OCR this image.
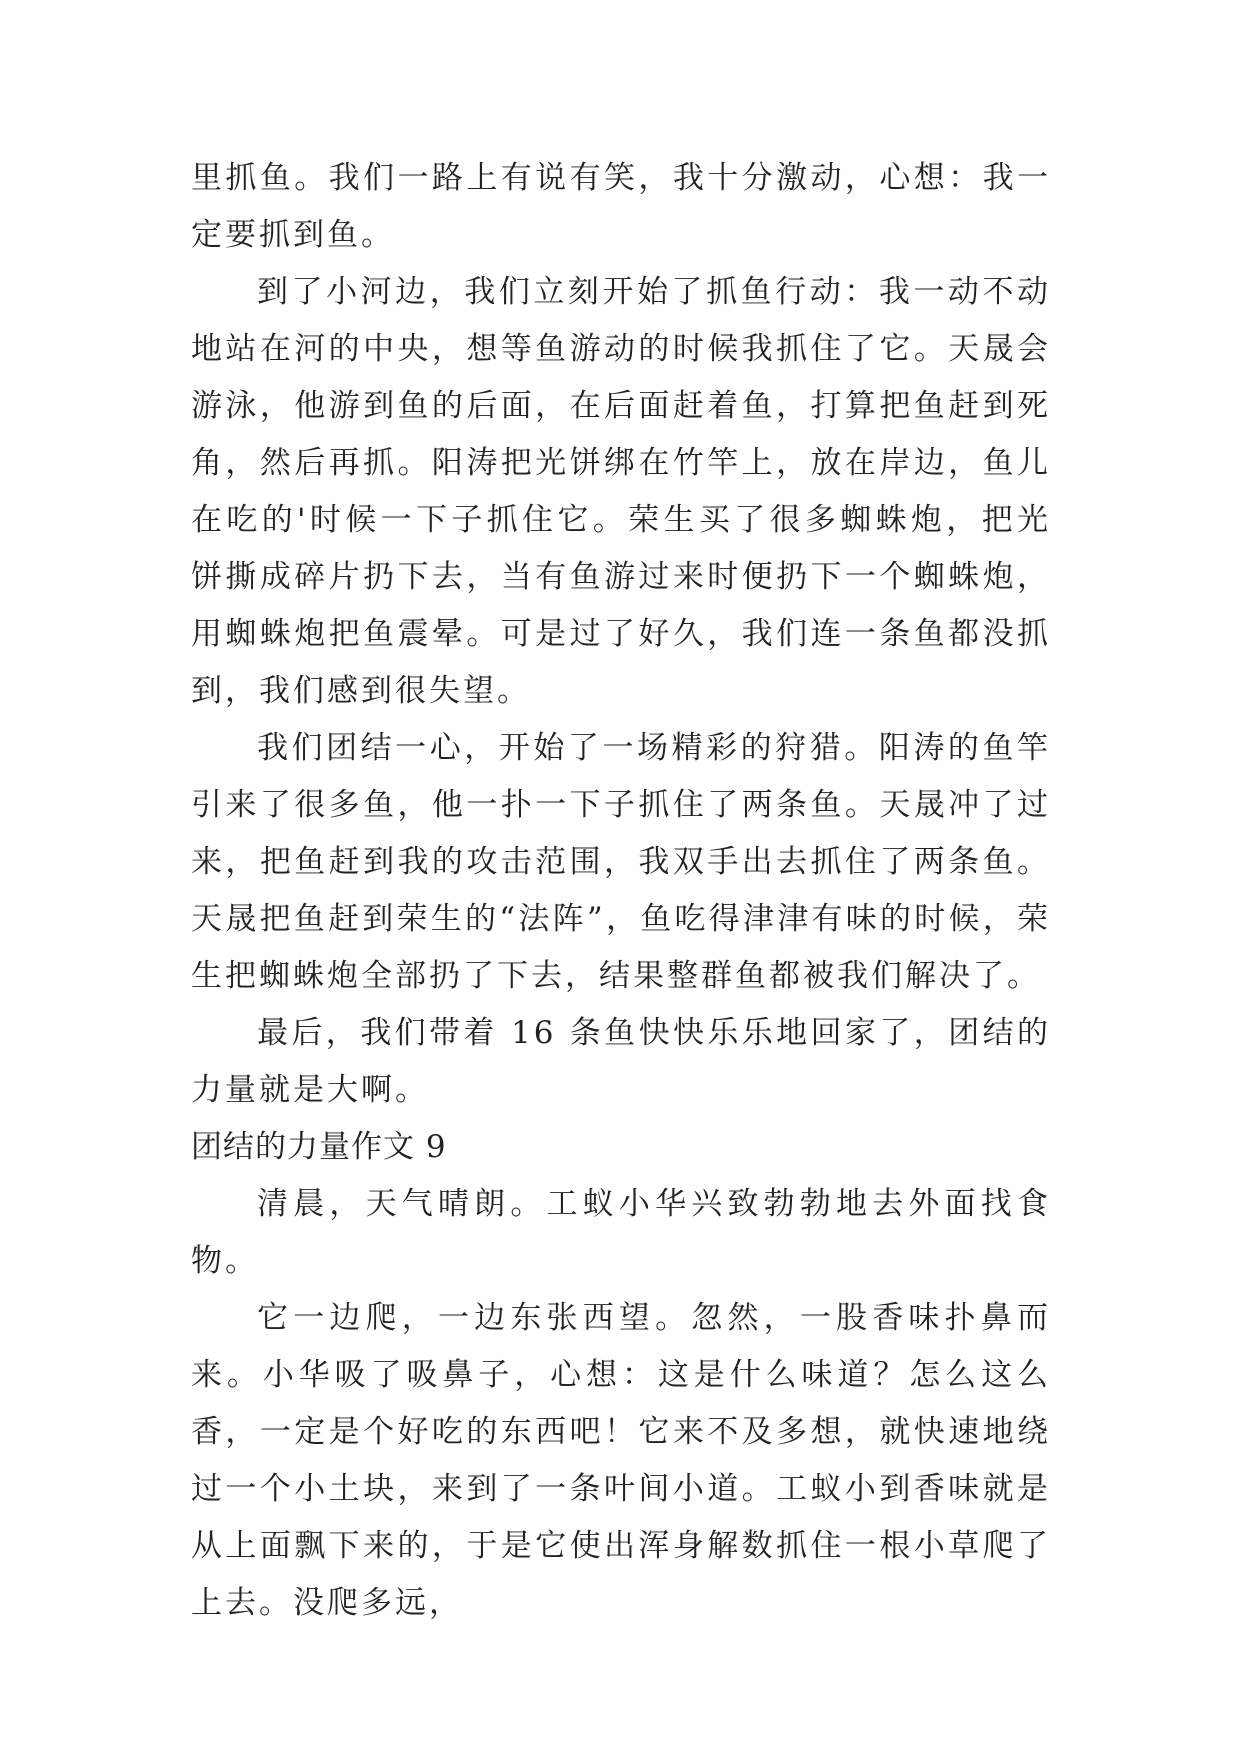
里抓鱼。我们一路上有说有笑，我十分激动，心想：我一定要抓到鱼。

到了小河边，我们立刻开始了抓鱼行动：我一动不动地站在河的中央，想等鱼游动的时候我抓住了它。天晟会游泳，他游到鱼的后面，在后面赶着鱼，打算把鱼赶到死角，然后再抓。阳涛把光饼绑在竹竿上，放在岸边，鱼儿在吃的'时候一下子抓住它。荣生买了很多蜘蛛炮，把光饼撕成碎片扔下去，当有鱼游过来时便扔下一个蜘蛛炮，用蜘蛛炮把鱼震晕。可是过了好久，我们连一条鱼都没抓到，我们感到很失望。

我们团结一心，开始了一场精彩的狩猎。阳涛的鱼竿引来了很多鱼，他一扑一下子抓住了两条鱼。天晟冲了过来，把鱼赶到我的攻击范围，我双手出去抓住了两条鱼。天晟把鱼赶到荣生的“法阵”，鱼吃得津津有味的时候，荣生把蜘蛛炮全部扔了下去，结果整群鱼都被我们解决了。

最后，我们带着 16 条鱼快快乐乐地回家了，团结的力量就是大啊。

团结的力量作文 9

清晨，天气晴朗。工蚁小华兴致勃勃地去外面找食物。

它一边爬，一边东张西望。忽然，一股香味扑鼻而来。小华吸了吸鼻子，心想：这是什么味道？怎么这么香，一定是个好吃的东西吧！它来不及多想，就快速地绕过一个小土块，来到了一条叶间小道。工蚁小到香味就是从上面飘下来的，于是它使出浑身解数抓住一根小草爬了上去。没爬多远，
